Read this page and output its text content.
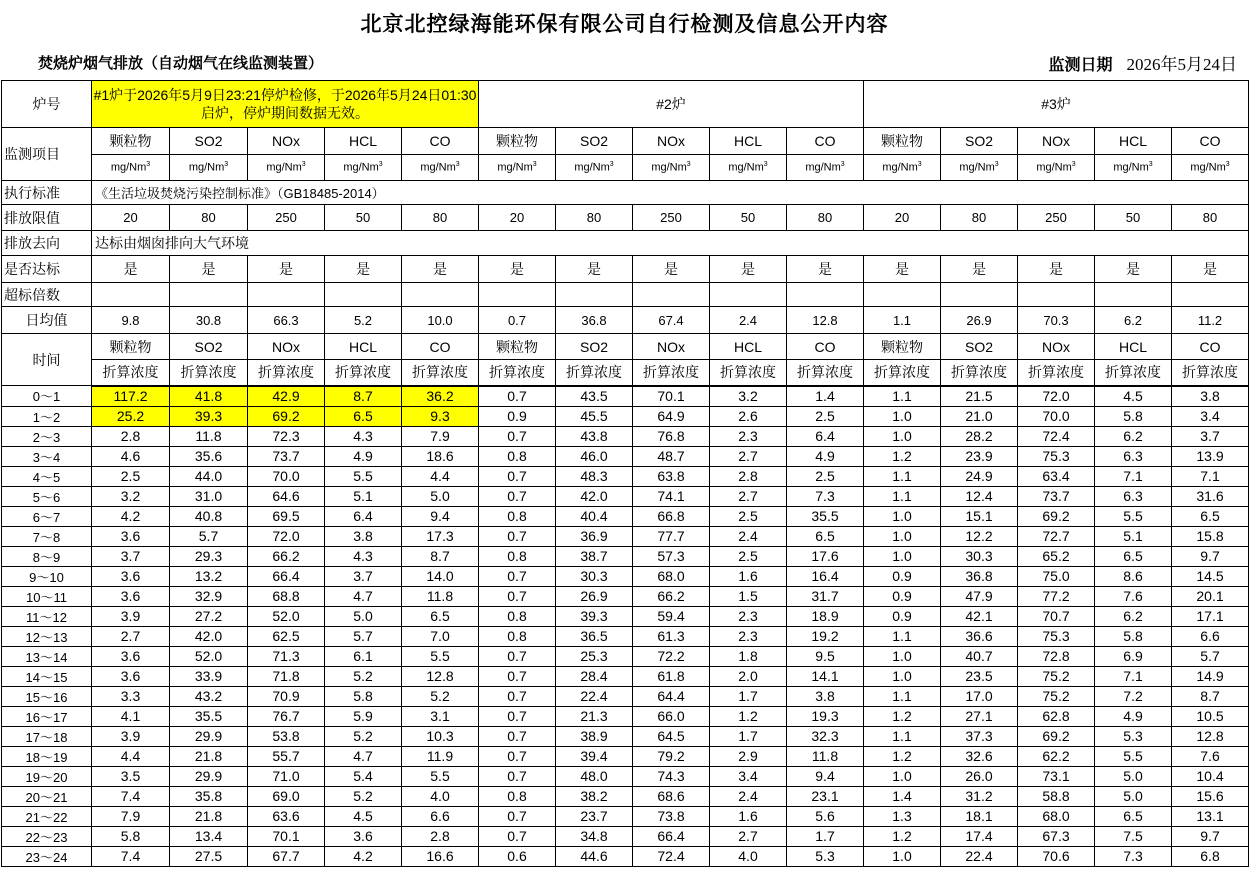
北京北控绿海能环保有限公司自行检测及信息公开内容
焚烧炉烟气排放（自动烟气在线监测装置）	监测日期 2026年5月24日
炉号	#1炉于2026年5月9日23:21停炉检修，于2026年5月24日01:30启炉，停炉期间数据无效。					#2炉					#3炉				
监测项目	颗粒物	SO2	NOx	HCL	CO	颗粒物	SO2	NOx	HCL	CO	颗粒物	SO2	NOx	HCL	CO
	mg/Nm$^3$	mg/Nm$^3$	mg/Nm$^3$	mg/Nm$^3$	mg/Nm$^3$	mg/Nm$^3$	mg/Nm$^3$	mg/Nm$^3$	mg/Nm$^3$	mg/Nm$^3$	mg/Nm$^3$	mg/Nm$^3$	mg/Nm$^3$	mg/Nm$^3$	mg/Nm$^3$
执行标准	《生活垃圾焚烧污染控制标准》（GB18485-2014）														
排放限值	20	80	250	50	80	20	80	250	50	80	20	80	250	50	80
排放去向	达标由烟囱排向大气环境														
是否达标	是	是	是	是	是	是	是	是	是	是	是	是	是	是	是
超标倍数															
日均值	9.8	30.8	66.3	5.2	10.0	0.7	36.8	67.4	2.4	12.8	1.1	26.9	70.3	6.2	11.2
时间	颗粒物	SO2	NOx	HCL	CO	颗粒物	SO2	NOx	HCL	CO	颗粒物	SO2	NOx	HCL	CO
	折算浓度	折算浓度	折算浓度	折算浓度	折算浓度	折算浓度	折算浓度	折算浓度	折算浓度	折算浓度	折算浓度	折算浓度	折算浓度	折算浓度	折算浓度
0～1	117.2	41.8	42.9	8.7	36.2	0.7	43.5	70.1	3.2	1.4	1.1	21.5	72.0	4.5	3.8
1～2	25.2	39.3	69.2	6.5	9.3	0.9	45.5	64.9	2.6	2.5	1.0	21.0	70.0	5.8	3.4
2～3	2.8	11.8	72.3	4.3	7.9	0.7	43.8	76.8	2.3	6.4	1.0	28.2	72.4	6.2	3.7
3～4	4.6	35.6	73.7	4.9	18.6	0.8	46.0	48.7	2.7	4.9	1.2	23.9	75.3	6.3	13.9
4～5	2.5	44.0	70.0	5.5	4.4	0.7	48.3	63.8	2.8	2.5	1.1	24.9	63.4	7.1	7.1
5～6	3.2	31.0	64.6	5.1	5.0	0.7	42.0	74.1	2.7	7.3	1.1	12.4	73.7	6.3	31.6
6～7	4.2	40.8	69.5	6.4	9.4	0.8	40.4	66.8	2.5	35.5	1.0	15.1	69.2	5.5	6.5
7～8	3.6	5.7	72.0	3.8	17.3	0.7	36.9	77.7	2.4	6.5	1.0	12.2	72.7	5.1	15.8
8～9	3.7	29.3	66.2	4.3	8.7	0.8	38.7	57.3	2.5	17.6	1.0	30.3	65.2	6.5	9.7
9～10	3.6	13.2	66.4	3.7	14.0	0.7	30.3	68.0	1.6	16.4	0.9	36.8	75.0	8.6	14.5
10～11	3.6	32.9	68.8	4.7	11.8	0.7	26.9	66.2	1.5	31.7	0.9	47.9	77.2	7.6	20.1
11～12	3.9	27.2	52.0	5.0	6.5	0.8	39.3	59.4	2.3	18.9	0.9	42.1	70.7	6.2	17.1
12～13	2.7	42.0	62.5	5.7	7.0	0.8	36.5	61.3	2.3	19.2	1.1	36.6	75.3	5.8	6.6
13～14	3.6	52.0	71.3	6.1	5.5	0.7	25.3	72.2	1.8	9.5	1.0	40.7	72.8	6.9	5.7
14～15	3.6	33.9	71.8	5.2	12.8	0.7	28.4	61.8	2.0	14.1	1.0	23.5	75.2	7.1	14.9
15～16	3.3	43.2	70.9	5.8	5.2	0.7	22.4	64.4	1.7	3.8	1.1	17.0	75.2	7.2	8.7
16～17	4.1	35.5	76.7	5.9	3.1	0.7	21.3	66.0	1.2	19.3	1.2	27.1	62.8	4.9	10.5
17～18	3.9	29.9	53.8	5.2	10.3	0.7	38.9	64.5	1.7	32.3	1.1	37.3	69.2	5.3	12.8
18～19	4.4	21.8	55.7	4.7	11.9	0.7	39.4	79.2	2.9	11.8	1.2	32.6	62.2	5.5	7.6
19～20	3.5	29.9	71.0	5.4	5.5	0.7	48.0	74.3	3.4	9.4	1.0	26.0	73.1	5.0	10.4
20～21	7.4	35.8	69.0	5.2	4.0	0.8	38.2	68.6	2.4	23.1	1.4	31.2	58.8	5.0	15.6
21～22	7.9	21.8	63.6	4.5	6.6	0.7	23.7	73.8	1.6	5.6	1.3	18.1	68.0	6.5	13.1
22～23	5.8	13.4	70.1	3.6	2.8	0.7	34.8	66.4	2.7	1.7	1.2	17.4	67.3	7.5	9.7
23～24	7.4	27.5	67.7	4.2	16.6	0.6	44.6	72.4	4.0	5.3	1.0	22.4	70.6	7.3	6.8
